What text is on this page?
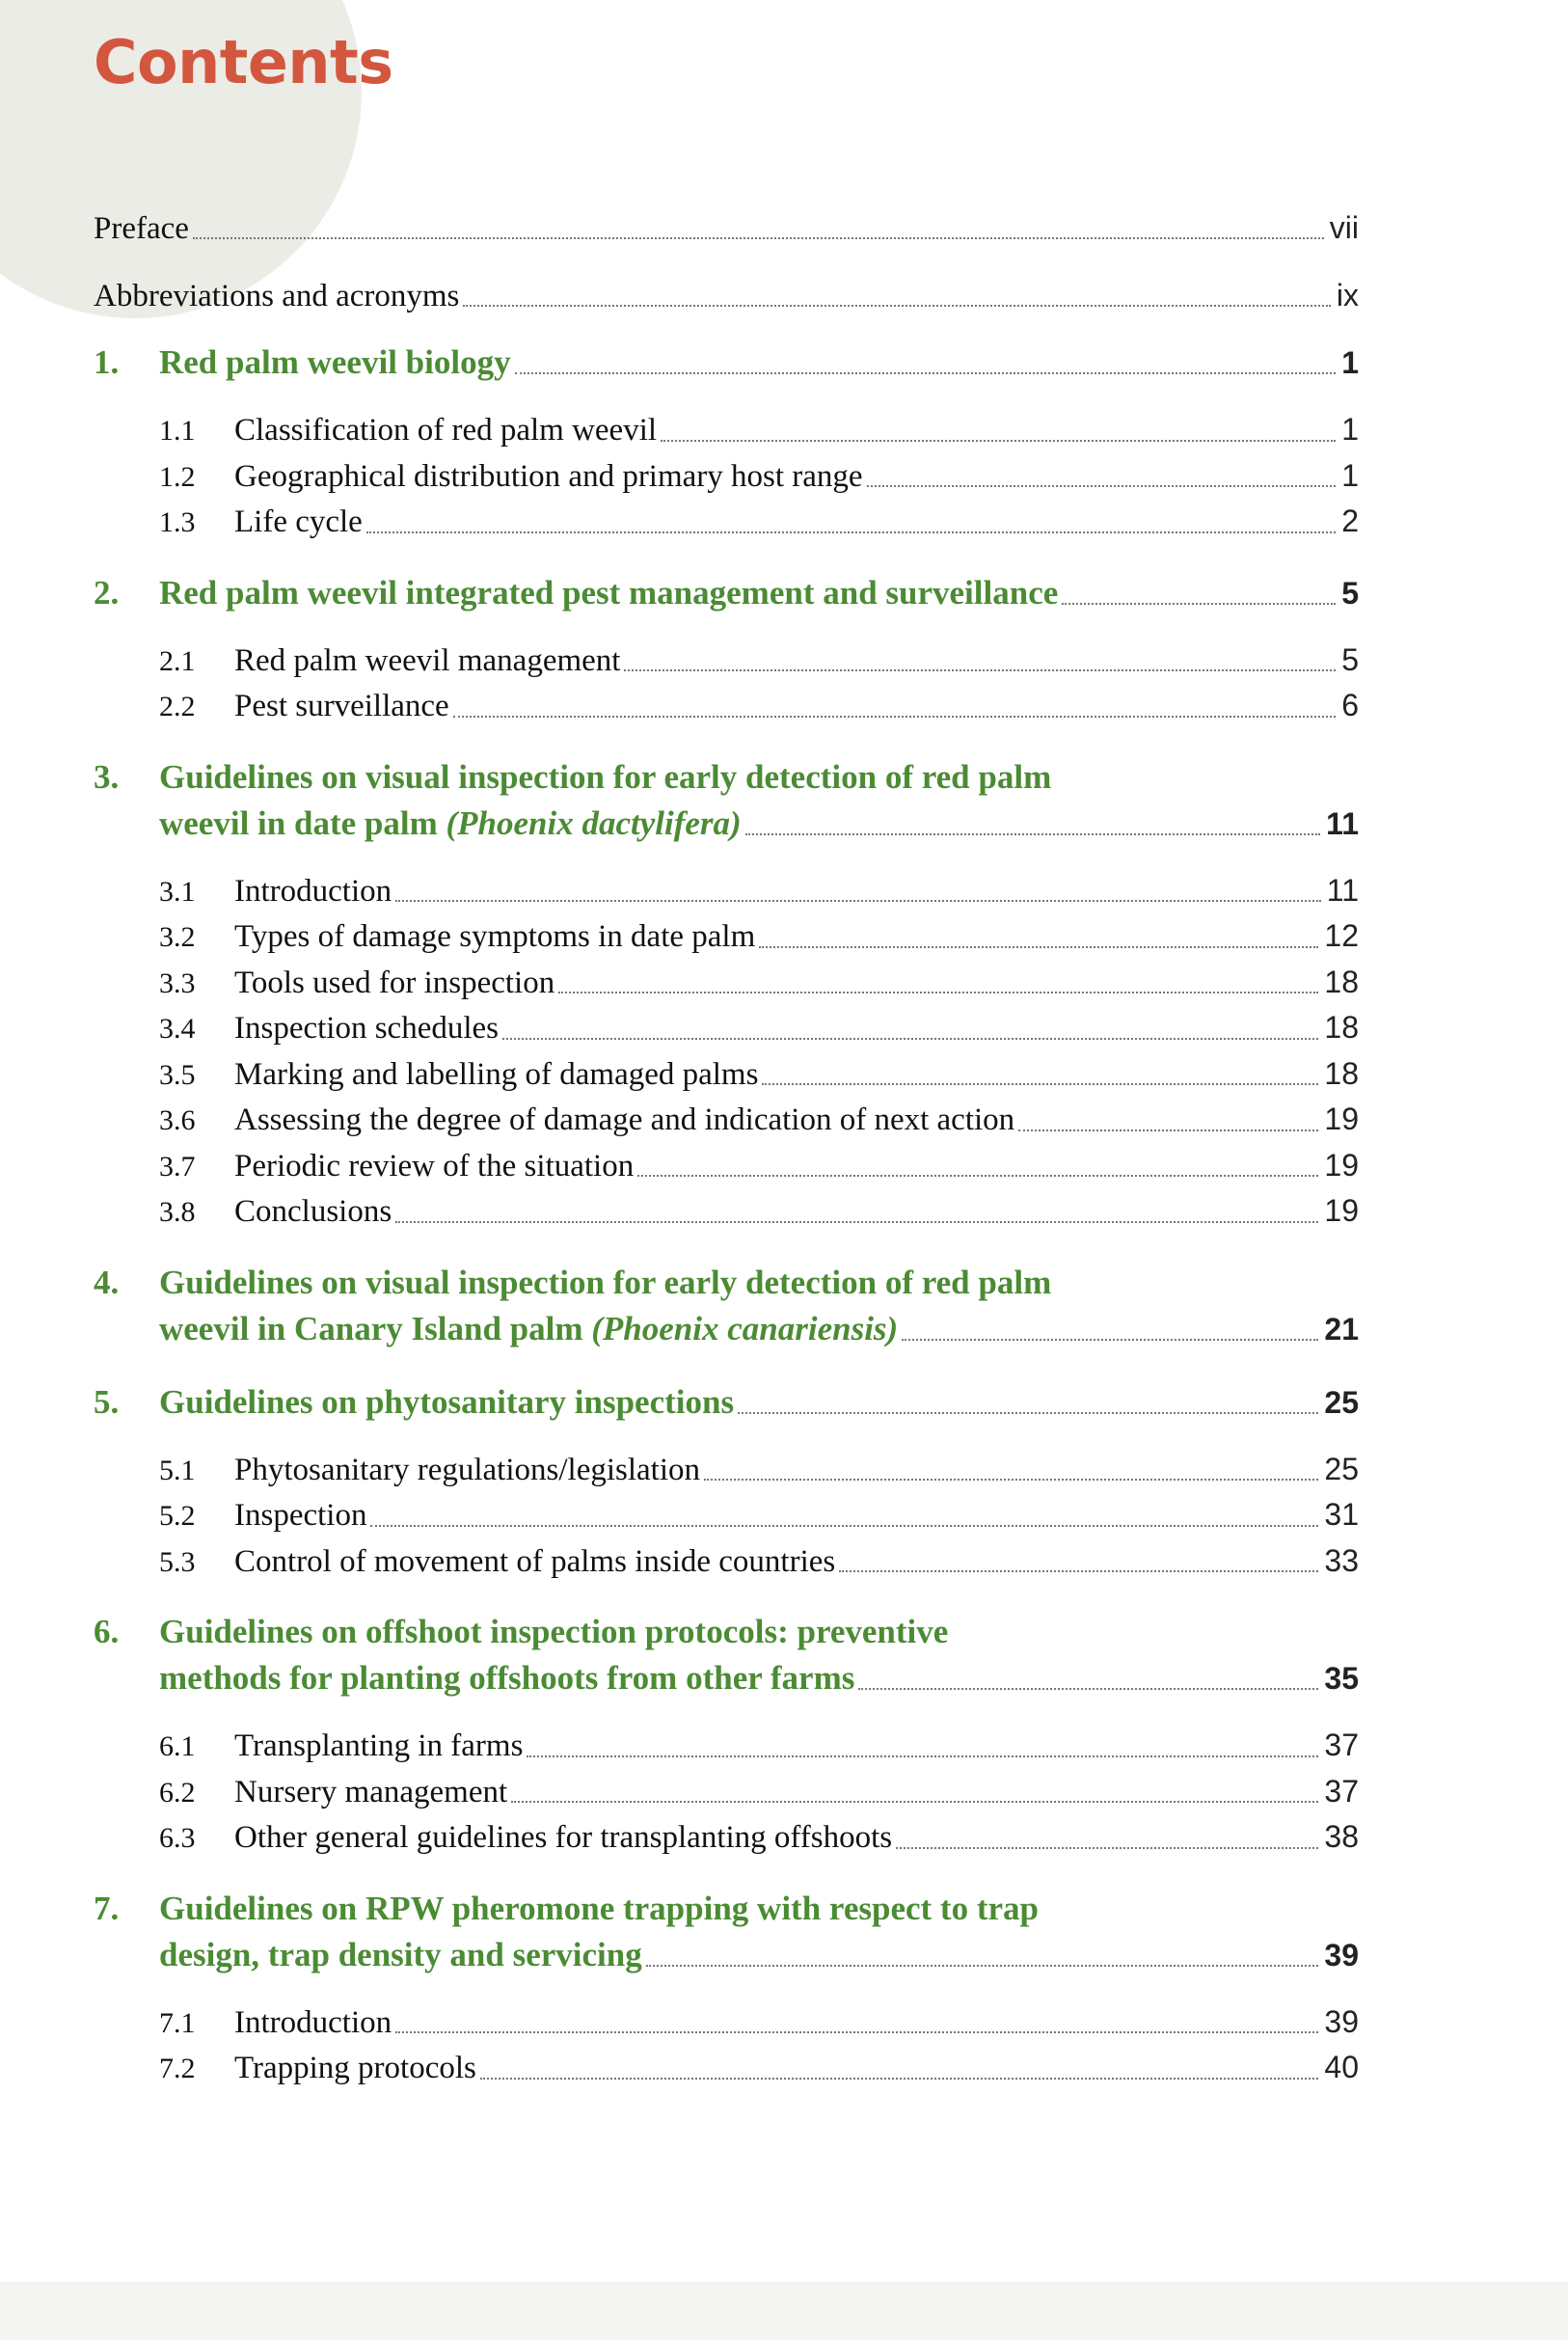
Contents
Preface	vii
Abbreviations and acronyms	ix
1. Red palm weevil biology	1
1.1 Classification of red palm weevil	1
1.2 Geographical distribution and primary host range	1
1.3 Life cycle	2
2. Red palm weevil integrated pest management and surveillance	5
2.1 Red palm weevil management	5
2.2 Pest surveillance	6
3. Guidelines on visual inspection for early detection of red palm
weevil in date palm (Phoenix dactylifera)	11
3.1 Introduction	11
3.2 Types of damage symptoms in date palm	12
3.3 Tools used for inspection	18
3.4 Inspection schedules	18
3.5 Marking and labelling of damaged palms	18
3.6 Assessing the degree of damage and indication of next action	19
3.7 Periodic review of the situation	19
3.8 Conclusions	19
4. Guidelines on visual inspection for early detection of red palm
weevil in Canary Island palm (Phoenix canariensis)	21
5. Guidelines on phytosanitary inspections	25
5.1 Phytosanitary regulations/legislation	25
5.2 Inspection	31
5.3 Control of movement of palms inside countries	33
6. Guidelines on offshoot inspection protocols: preventive
methods for planting offshoots from other farms	35
6.1 Transplanting in farms	37
6.2 Nursery management	37
6.3 Other general guidelines for transplanting offshoots	38
7. Guidelines on RPW pheromone trapping with respect to trap
design, trap density and servicing	39
7.1 Introduction	39
7.2 Trapping protocols	40
